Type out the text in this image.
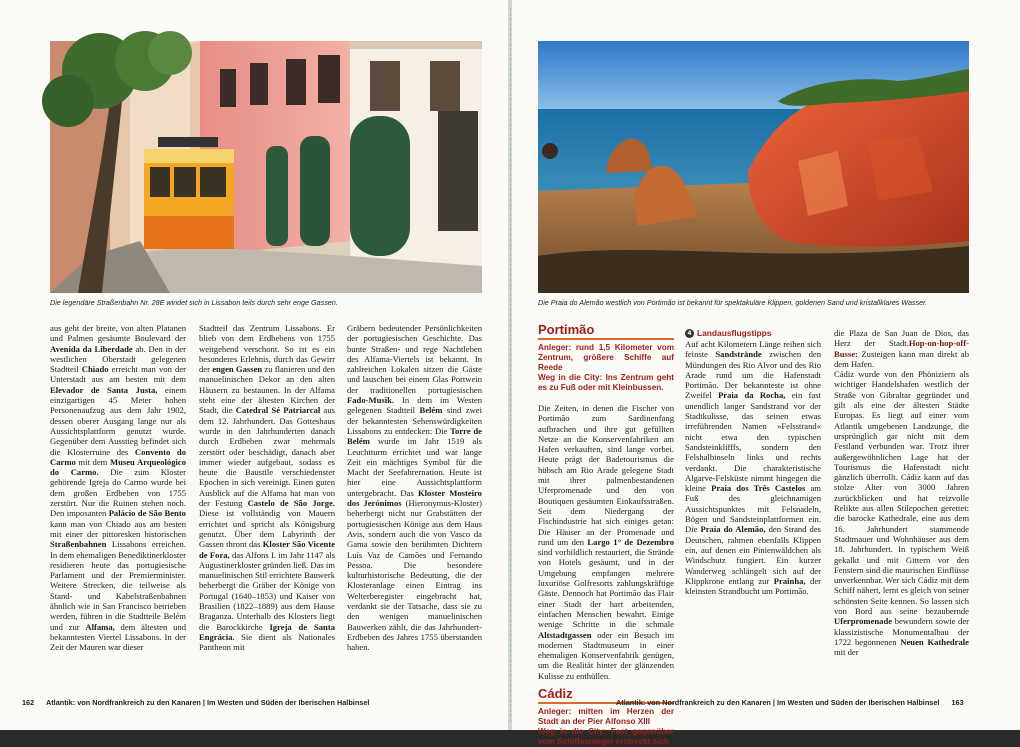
Die legendäre Straßenbahn Nr. 28E windet sich in Lissabon teils durch sehr enge Gassen.
aus geht der breite, von alten Platanen und Palmen gesäumte Boulevard der Avenida da Liberdade ab. Den in der westlichen Oberstadt gelegenen Stadtteil Chiado erreicht man von der Unterstadt aus am besten mit dem Elevador de Santa Justa, einem einzigartigen 45 Meter hohen Personenaufzug aus dem Jahr 1902, dessen oberer Ausgang lange nur als Aussichtsplattform genutzt wurde. Gegenüber dem Ausstieg befindet sich die Klosterruine des Convento do Carmo mit dem Museu Arqueológico do Carmo. Die zum Kloster gehörende Igreja do Carmo wurde bei dem großen Erdbeben von 1755 zerstört. Nur die Ruinen stehen noch. Den imposanten Palácio de São Bento kann man von Chiado aus am besten mit einer der pittoresken historischen Straßenbahnen Lissabons erreichen. In dem ehemaligen Benediktinerkloster residieren heute das portugiesische Parlament und der Premierminister. Weitere Strecken, die teilweise als Stand- und Kabelstraßenbahnen ähnlich wie in San Francisco betrieben werden, führen in die Stadtteile Belém und zur Alfama, dem ältesten und bekanntesten Viertel Lissabons. In der Zeit der Mauren war dieser
Stadtteil das Zentrum Lissabons. Er blieb von dem Erdbebens von 1755 weitgehend verschont. So ist es ein besonderes Erlebnis, durch das Gewirr der engen Gassen zu flanieren und den manuelinischen Dekor an den alten Häusern zu bestaunen. In der Alfama steht eine der ältesten Kirchen der Stadt, die Catedral Sé Patriarcal aus dem 12. Jahrhundert. Das Gotteshaus wurde in den Jahrhunderten danach durch Erdbeben zwar mehrmals zerstört oder beschädigt, danach aber immer wieder aufgebaut, sodass es heute die Baustile verschiedenster Epochen in sich vereinigt. Einen guten Ausblick auf die Alfama hat man von der Festung Castelo de São Jorge. Diese ist vollständig von Mauern errichtet und spricht als Königsburg genutzt. Über dem Labyrinth der Gassen thront das Kloster São Vicente de Fora, das Alfons I. im Jahr 1147 als Augustinerkloster gründen ließ. Das im manuelinischen Stil errichtete Bauwerk beherbergt die Gräber der Könige von Portugal (1640–1853) und Kaiser von Brasilien (1822–1889) aus dem Hause Braganza. Unterhalb des Klosters liegt die Barockkirche Igreja de Santa Engrácia. Sie dient als Nationales Pantheon mit
Gräbern bedeutender Persönlichkeiten der portugiesischen Geschichte. Das bunte Straßen- und rege Nachtleben des Alfama-Viertels ist bekannt. In zahlreichen Lokalen sitzen die Gäste und lauschen bei einem Glas Portwein der traditionellen portugiesischen Fado-Musik. In dem im Westen gelegenen Stadtteil Belém sind zwei der bekanntesten Sehenswürdigkeiten Lissabons zu entdecken: Die Torre de Belém wurde im Jahr 1519 als Leuchtturm errichtet und war lange Zeit ein mächtiges Symbol für die Macht der Seefahrernation. Heute ist hier eine Aussichtsplattform untergebracht. Das Kloster Mosteiro dos Jerónimos (Hieronymus-Kloster) beherbergt nicht nur Grabstätten der portugiesischen Könige aus dem Haus Avis, sondern auch die von Vasco da Gama sowie den berühmten Dichtern Luís Vaz de Camões und Fernando Pessoa. Die besondere kulturhistorische Bedeutung, die der Klosteranlage einen Eintrag ins Welterberegister eingebracht hat, verdankt sie der Tatsache, dass sie zu den wenigen manuelinischen Bauwerken zählt, die das Jahrhundert-Erdbeben des Jahres 1755 überstanden haben.
162 Atlantik: von Nordfrankreich zu den Kanaren | Im Westen und Süden der Iberischen Halbinsel
Die Praia do Alemão westlich von Portimão ist bekannt für spektakuläre Klippen, goldenen Sand und kristallklares Wasser.
Portimão
Anleger: rund 1,5 Kilometer vom Zentrum, größere Schiffe auf Reede
Weg in die City: Ins Zentrum geht es zu Fuß oder mit Kleinbussen.
Die Zeiten, in denen die Fischer von Portimão zum Sardinenfang aufbrachen und ihre gut gefüllten Netze an die Konservenfabriken am Hafen verkauften, sind lange vorbei. Heute prägt der Badetourismus die hübsch am Rio Arade gelegene Stadt mit ihrer palmenbestandenen Uferpromenade und den von Boutiquen gesäumten Einkaufsstraßen. Seit dem Niedergang der Fischindustrie hat sich einiges getan: Die Häuser an der Promenade und rund um den Largo 1° de Dezembro sind vorbildlich restauriert, die Strände von Hotels gesäumt, und in der Umgebung empfangen mehrere luxuriöse Golfresorts zahlungskräftige Gäste. Dennoch hat Portimão das Flair einer Stadt der hart arbeitenden, einfachen Menschen bewahrt. Einige wenige Schritte in die schmale Altstadtgassen oder ein Besuch im modernen Stadtmuseum in einer ehemaligen Konservenfabrik genügen, um die Realität hinter der glänzenden Kulisse zu enthüllen.
Cádiz
Anleger: mitten im Herzen der Stadt an der Pier Alfonso XIII
Weg in die City: Fast gegenüber vom Schiffsanleger erstreckt sich
4 Landausflugstipps
Auf acht Kilometern Länge reihen sich feinste Sandstrände zwischen den Mündungen des Rio Alvor und des Rio Arade rund um die Hafenstadt Portimão. Der bekannteste ist ohne Zweifel Praia da Rocha, ein fast unendlich langer Sandstrand vor der Stadtkulisse, das seinen etwas irreführenden Namen »Felsstrand« nicht etwa den typischen Sandsteinklifffs, sondern den Felshalbinseln links und rechts verdankt. Die charakteristische Algarve-Felsküste nimmt hingegen die kleine Praia dos Três Castelos am Fuß des gleichnamigen Aussichtspunktes mit Felsnadeln, Bögen und Sandsteinplattformen ein. Die Praia do Alemão, den Strand des Deutschen, rahmen ebenfalls Klippen ein, auf denen ein Pinienwäldchen als Windschutz fungiert. Ein kurzer Wanderweg schlängelt sich auf der Klippkrone entlang zur Prainha, der kleinsten Strandbucht um Portimão.
die Plaza de San Juan de Dios, das Herz der Stadt.Hop-on-hop-off-Busse: Zusteigen kann man direkt ab dem Hafen.
Cádiz wurde von den Phöniziern als wichtiger Handelshafen westlich der Straße von Gibraltar gegründet und gilt als eine der ältesten Städte Europas. Es liegt auf einer vom Atlantik umgebenen Landzunge, die ursprünglich gar nicht mit dem Festland verbunden war. Trotz ihrer außergewöhnlichen Lage hat der Tourismus die Hafenstadt nicht gänzlich überrollt. Cádiz kann auf das stolze Alter von 3000 Jahren zurückblicken und hat reizvolle Relikte aus allen Stilepochen gerettet: die barocke Kathedrale, eine aus dem 16. Jahrhundert stammende Stadtmauer und Wohnhäuser aus dem 18. Jahrhundert. In typischem Weiß gekalkt und mit Gittern vor den Fenstern sind die maurischen Einflüsse unverkennbar. Wer sich Cádiz mit dem Schiff nähert, lernt es gleich von seiner schönsten Seite kennen. So lassen sich von Bord aus seine bezaubernde Uferpromenade bewundern sowie der klassizistische Monumentalbau der 1722 begonnenen Neuen Kathedrale mit der
Atlantik: von Nordfrankreich zu den Kanaren | Im Westen und Süden der Iberischen Halbinsel 163
